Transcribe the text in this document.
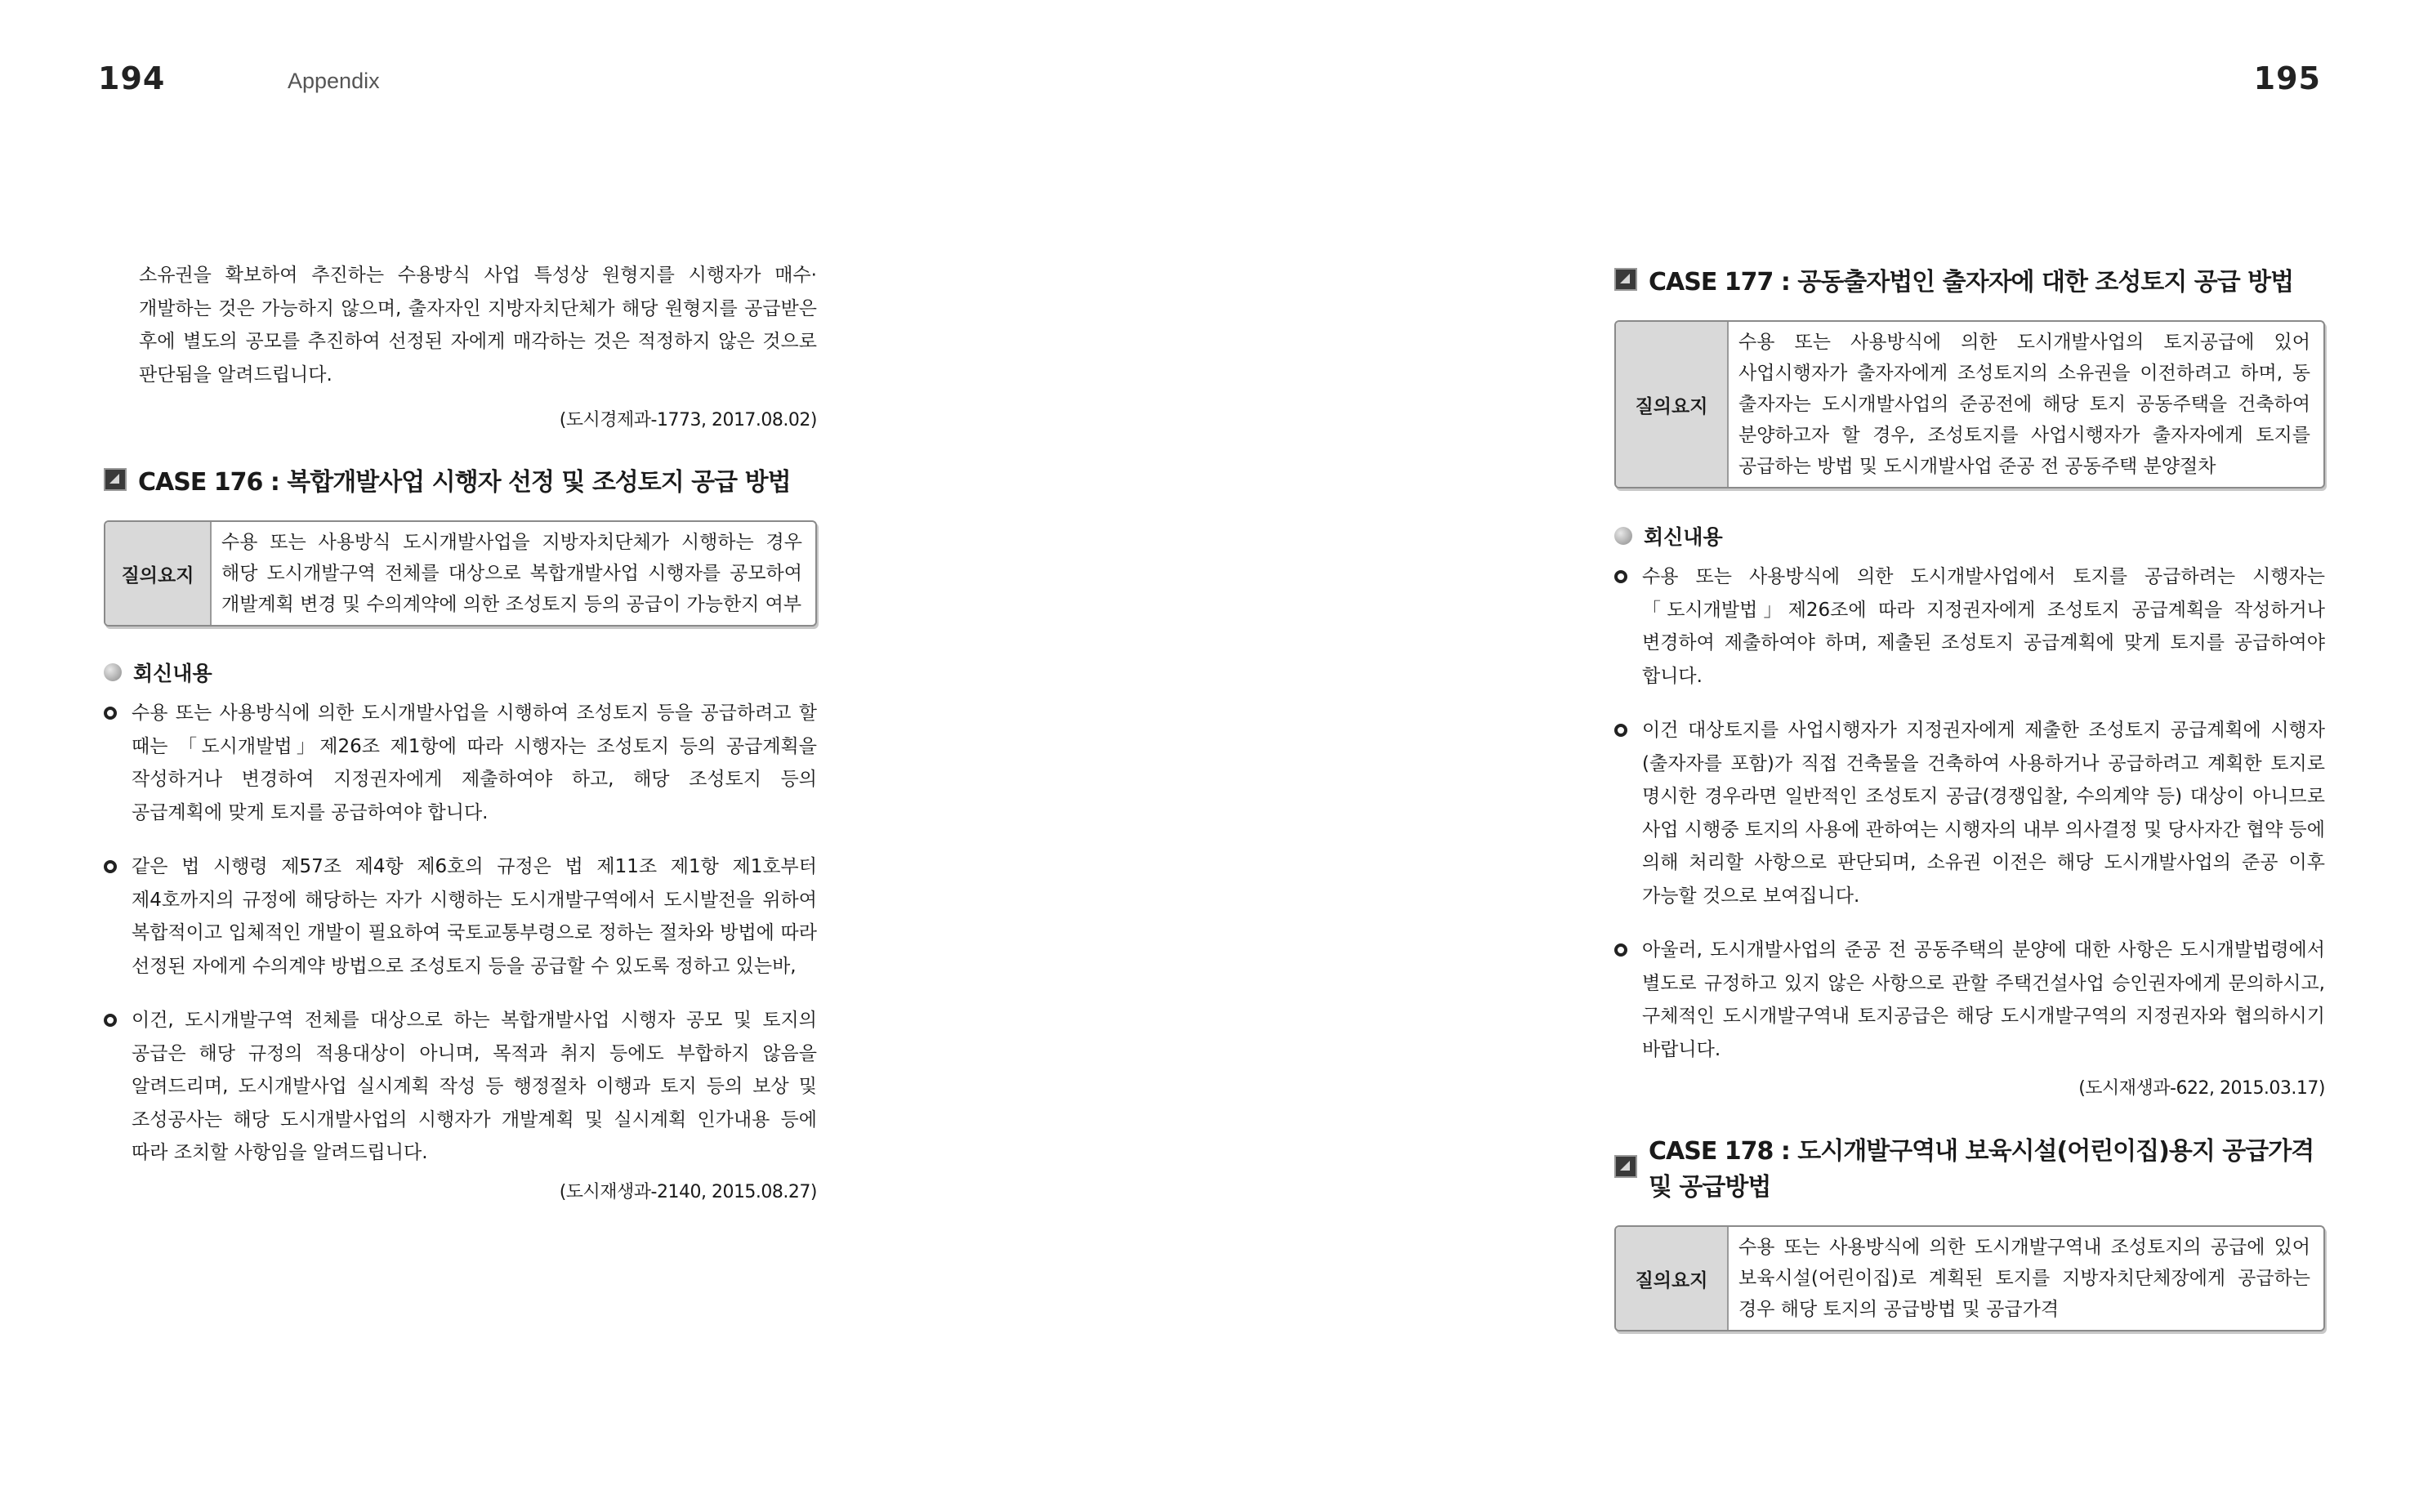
194	Appendix

소유권을 확보하여 추진하는 수용방식 사업 특성상 원형지를 시행자가 매수·개발하는 것은 가능하지 않으며, 출자자인 지방자치단체가 해당 원형지를 공급받은 후에 별도의 공모를 추진하여 선정된 자에게 매각하는 것은 적정하지 않은 것으로 판단됨을 알려드립니다.

(도시경제과-1773, 2017.08.02)

CASE 176 : 복합개발사업 시행자 선정 및 조성토지 공급 방법
질의요지
수용 또는 사용방식 도시개발사업을 지방자치단체가 시행하는 경우 해당 도시개발구역 전체를 대상으로 복합개발사업 시행자를 공모하여 개발계획 변경 및 수의계약에 의한 조성토지 등의 공급이 가능한지 여부
회신내용
수용 또는 사용방식에 의한 도시개발사업을 시행하여 조성토지 등을 공급하려고 할 때는 「도시개발법」제26조 제1항에 따라 시행자는 조성토지 등의 공급계획을 작성하거나 변경하여 지정권자에게 제출하여야 하고, 해당 조성토지 등의 공급계획에 맞게 토지를 공급하여야 합니다.
같은 법 시행령 제57조 제4항 제6호의 규정은 법 제11조 제1항 제1호부터 제4호까지의 규정에 해당하는 자가 시행하는 도시개발구역에서 도시발전을 위하여 복합적이고 입체적인 개발이 필요하여 국토교통부령으로 정하는 절차와 방법에 따라 선정된 자에게 수의계약 방법으로 조성토지 등을 공급할 수 있도록 정하고 있는바,
이건, 도시개발구역 전체를 대상으로 하는 복합개발사업 시행자 공모 및 토지의 공급은 해당 규정의 적용대상이 아니며, 목적과 취지 등에도 부합하지 않음을 알려드리며, 도시개발사업 실시계획 작성 등 행정절차 이행과 토지 등의 보상 및 조성공사는 해당 도시개발사업의 시행자가 개발계획 및 실시계획 인가내용 등에 따라 조치할 사항임을 알려드립니다.

(도시재생과-2140, 2015.08.27)

195
CASE 177 : 공동출자법인 출자자에 대한 조성토지 공급 방법
질의요지
수용 또는 사용방식에 의한 도시개발사업의 토지공급에 있어 사업시행자가 출자자에게 조성토지의 소유권을 이전하려고 하며, 동 출자자는 도시개발사업의 준공전에 해당 토지 공동주택을 건축하여 분양하고자 할 경우, 조성토지를 사업시행자가 출자자에게 토지를 공급하는 방법 및 도시개발사업 준공 전 공동주택 분양절차
회신내용
수용 또는 사용방식에 의한 도시개발사업에서 토지를 공급하려는 시행자는 「도시개발법」제26조에 따라 지정권자에게 조성토지 공급계획을 작성하거나 변경하여 제출하여야 하며, 제출된 조성토지 공급계획에 맞게 토지를 공급하여야 합니다.
이건 대상토지를 사업시행자가 지정권자에게 제출한 조성토지 공급계획에 시행자(출자자를 포함)가 직접 건축물을 건축하여 사용하거나 공급하려고 계획한 토지로 명시한 경우라면 일반적인 조성토지 공급(경쟁입찰, 수의계약 등) 대상이 아니므로 사업 시행중 토지의 사용에 관하여는 시행자의 내부 의사결정 및 당사자간 협약 등에 의해 처리할 사항으로 판단되며, 소유권 이전은 해당 도시개발사업의 준공 이후 가능할 것으로 보여집니다.
아울러, 도시개발사업의 준공 전 공동주택의 분양에 대한 사항은 도시개발법령에서 별도로 규정하고 있지 않은 사항으로 관할 주택건설사업 승인권자에게 문의하시고, 구체적인 도시개발구역내 토지공급은 해당 도시개발구역의 지정권자와 협의하시기 바랍니다.

(도시재생과-622, 2015.03.17)

CASE 178 : 도시개발구역내 보육시설(어린이집)용지 공급가격 및 공급방법
질의요지
수용 또는 사용방식에 의한 도시개발구역내 조성토지의 공급에 있어 보육시설(어린이집)로 계획된 토지를 지방자치단체장에게 공급하는 경우 해당 토지의 공급방법 및 공급가격
